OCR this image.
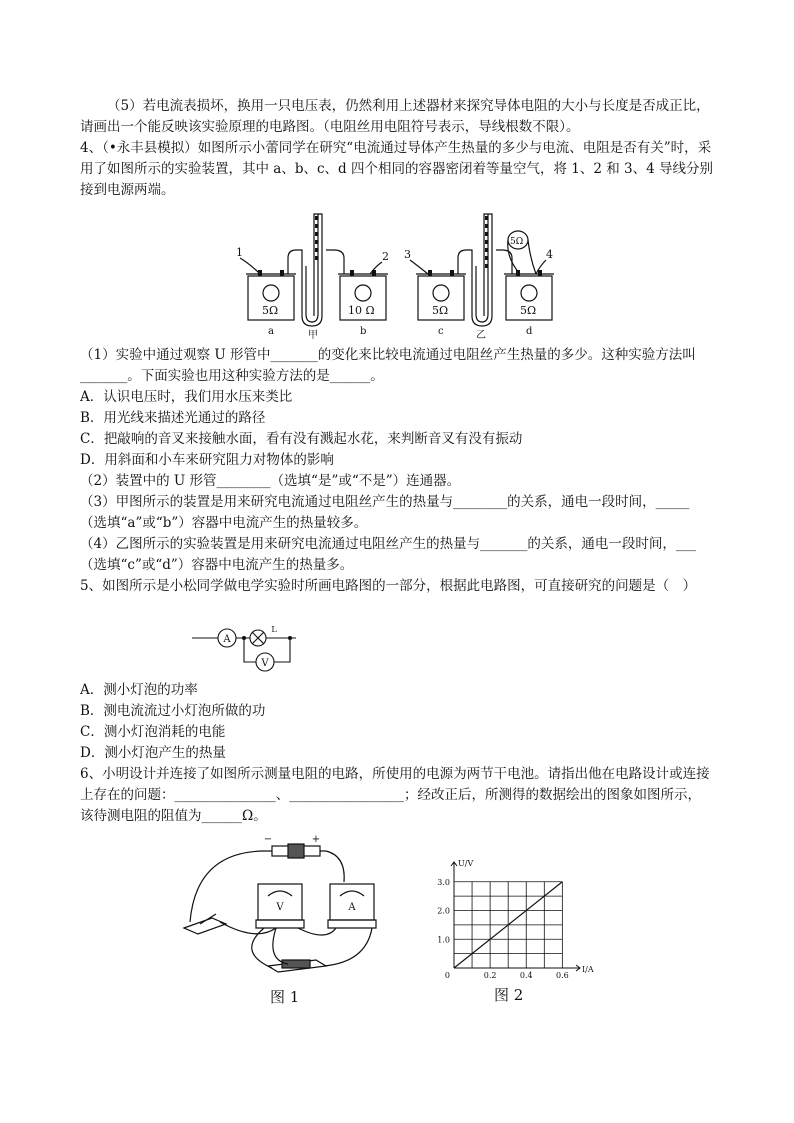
（5）若电流表损坏，换用一只电压表，仍然利用上述器材来探究导体电阻的大小与长度是否成正比，请画出一个能反映该实验原理的电路图。（电阻丝用电阻符号表示，导线根数不限）。

4、（•永丰县模拟）如图所示小蕾同学在研究“电流通过导体产生热量的多少与电流、电阻是否有关”时，采用了如图所示的实验装置，其中 a、b、c、d 四个相同的容器密闭着等量空气，将 1、2 和 3、4 导线分别接到电源两端。

1	2 3	4
5Ω	10 Ω	5Ω	5Ω
5Ω
a	b	c	d
甲	乙

（1）实验中通过观察 U 形管中_______的变化来比较电流通过电阻丝产生热量的多少。这种实验方法叫_______。下面实验也用这种实验方法的是______。

A．认识电压时，我们用水压来类比

B．用光线来描述光通过的路径

C．把敲响的音叉来接触水面，看有没有溅起水花，来判断音叉有没有振动

D．用斜面和小车来研究阻力对物体的影响

（2）装置中的 U 形管________（选填“是”或“不是”）连通器。

（3）甲图所示的装置是用来研究电流通过电阻丝产生的热量与________的关系，通电一段时间，_____（选填“a”或“b”）容器中电流产生的热量较多。

（4）乙图所示的实验装置是用来研究电流通过电阻丝产生的热量与_______的关系，通电一段时间，___（选填“c”或“d”）容器中电流产生的热量多。

5、如图所示是小松同学做电学实验时所画电路图的一部分，根据此电路图，可直接研究的问题是（　）

A
V
L

A．测小灯泡的功率

B．测电流流过小灯泡所做的功

C．测小灯泡消耗的电能

D．测小灯泡产生的热量

6、小明设计并连接了如图所示测量电阻的电路，所使用的电源为两节干电池。请指出他在电路设计或连接上存在的问题：_______________、_________________；经改正后，所测得的数据绘出的图象如图所示，该待测电阻的阻值为______Ω。

−	+
V	A
图 1
0.2	0.4	0.6
1.0
2.0
3.0
0
I/A
U/V
图 2
